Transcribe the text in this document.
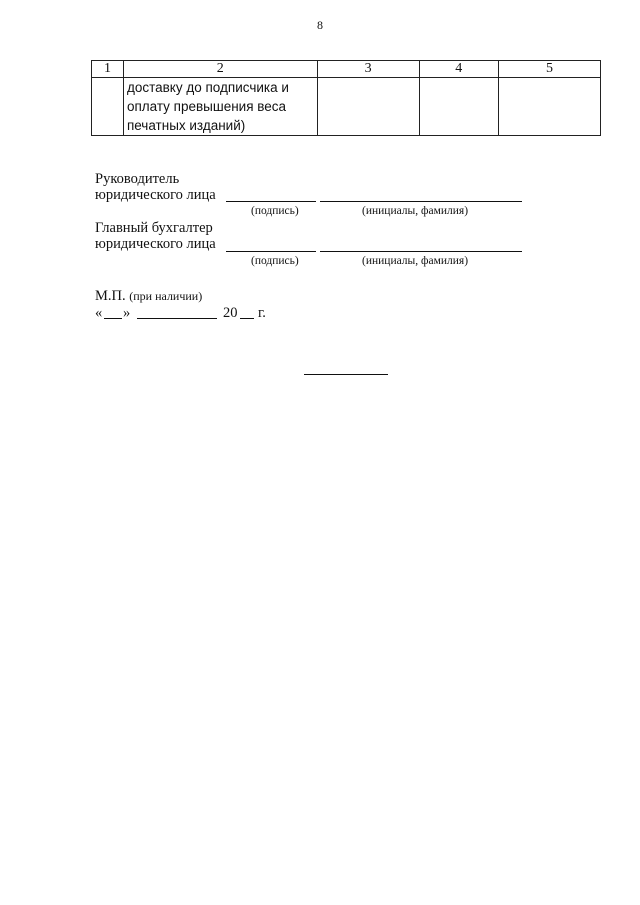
8
1	2	3	4	5

	доставку до подписчика и
оплату превышения веса
печатных изданий)			

Руководитель
юридического лица
(подпись)	(инициалы, фамилия)
Главный бухгалтер
юридического лица
(подпись)	(инициалы, фамилия)
М.П. (при наличии)
« »	20 г.
